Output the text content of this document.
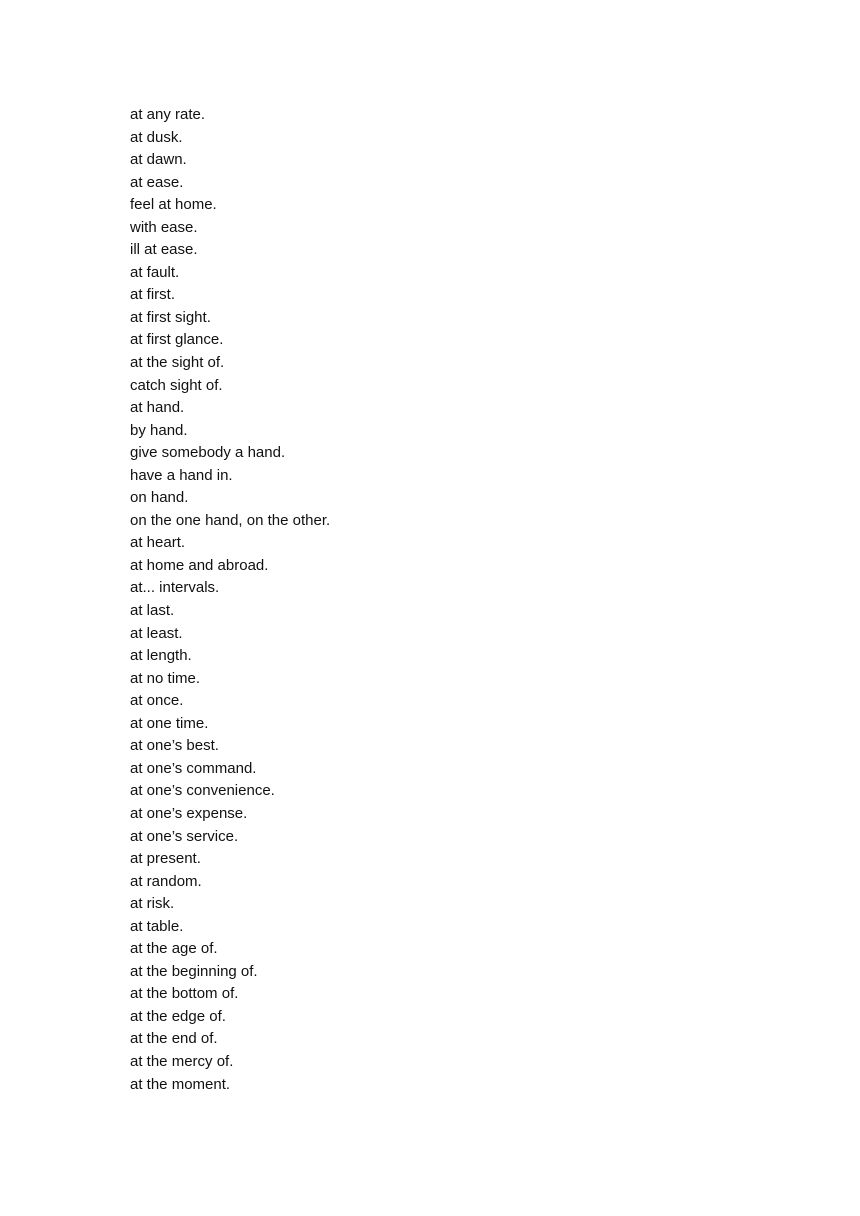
at any rate.
at dusk.
at dawn.
at ease.
feel at home.
with ease.
ill at ease.
at fault.
at first.
at first sight.
at first glance.
at the sight of.
catch sight of.
at hand.
by hand.
give somebody a hand.
have a hand in.
on hand.
on the one hand, on the other.
at heart.
at home and abroad.
at... intervals.
at last.
at least.
at length.
at no time.
at once.
at one time.
at one’s best.
at one’s command.
at one’s convenience.
at one’s expense.
at one’s service.
at present.
at random.
at risk.
at table.
at the age of.
at the beginning of.
at the bottom of.
at the edge of.
at the end of.
at the mercy of.
at the moment.
